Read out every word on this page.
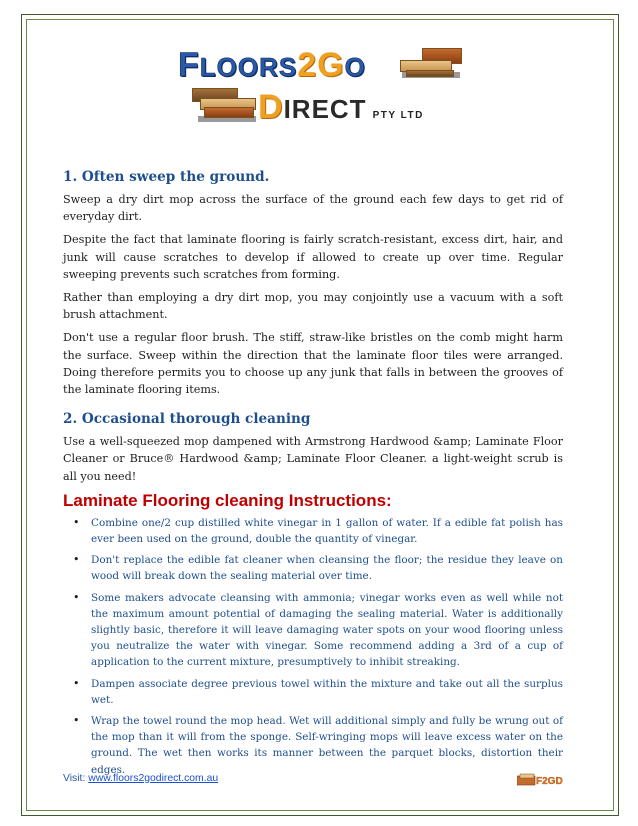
FLOORS2GO
DIRECT PTY LTD
1. Often sweep the ground.

Sweep a dry dirt mop across the surface of the ground each few days to get rid of everyday dirt.

Despite the fact that laminate flooring is fairly scratch-resistant, excess dirt, hair, and junk will cause scratches to develop if allowed to create up over time. Regular sweeping prevents such scratches from forming.

Rather than employing a dry dirt mop, you may conjointly use a vacuum with a soft brush attachment.

Don't use a regular floor brush. The stiff, straw-like bristles on the comb might harm the surface. Sweep within the direction that the laminate floor tiles were arranged. Doing therefore permits you to choose up any junk that falls in between the grooves of the laminate flooring items.

2. Occasional thorough cleaning

Use a well-squeezed mop dampened with Armstrong Hardwood &amp; Laminate Floor Cleaner or Bruce® Hardwood &amp; Laminate Floor Cleaner. a light-weight scrub is all you need!

Laminate Flooring cleaning Instructions:
• Combine one/2 cup distilled white vinegar in 1 gallon of water. If a edible fat polish has ever been used on the ground, double the quantity of vinegar.
• Don't replace the edible fat cleaner when cleansing the floor; the residue they leave on wood will break down the sealing material over time.
• Some makers advocate cleansing with ammonia; vinegar works even as well while not the maximum amount potential of damaging the sealing material. Water is additionally slightly basic, therefore it will leave damaging water spots on your wood flooring unless you neutralize the water with vinegar. Some recommend adding a 3rd of a cup of application to the current mixture, presumptively to inhibit streaking.
• Dampen associate degree previous towel within the mixture and take out all the surplus wet.
• Wrap the towel round the mop head. Wet will additional simply and fully be wrung out of the mop than it will from the sponge. Self-wringing mops will leave excess water on the ground. The wet then works its manner between the parquet blocks, distortion their edges.
Visit: www.floors2godirect.com.au	F2GD
